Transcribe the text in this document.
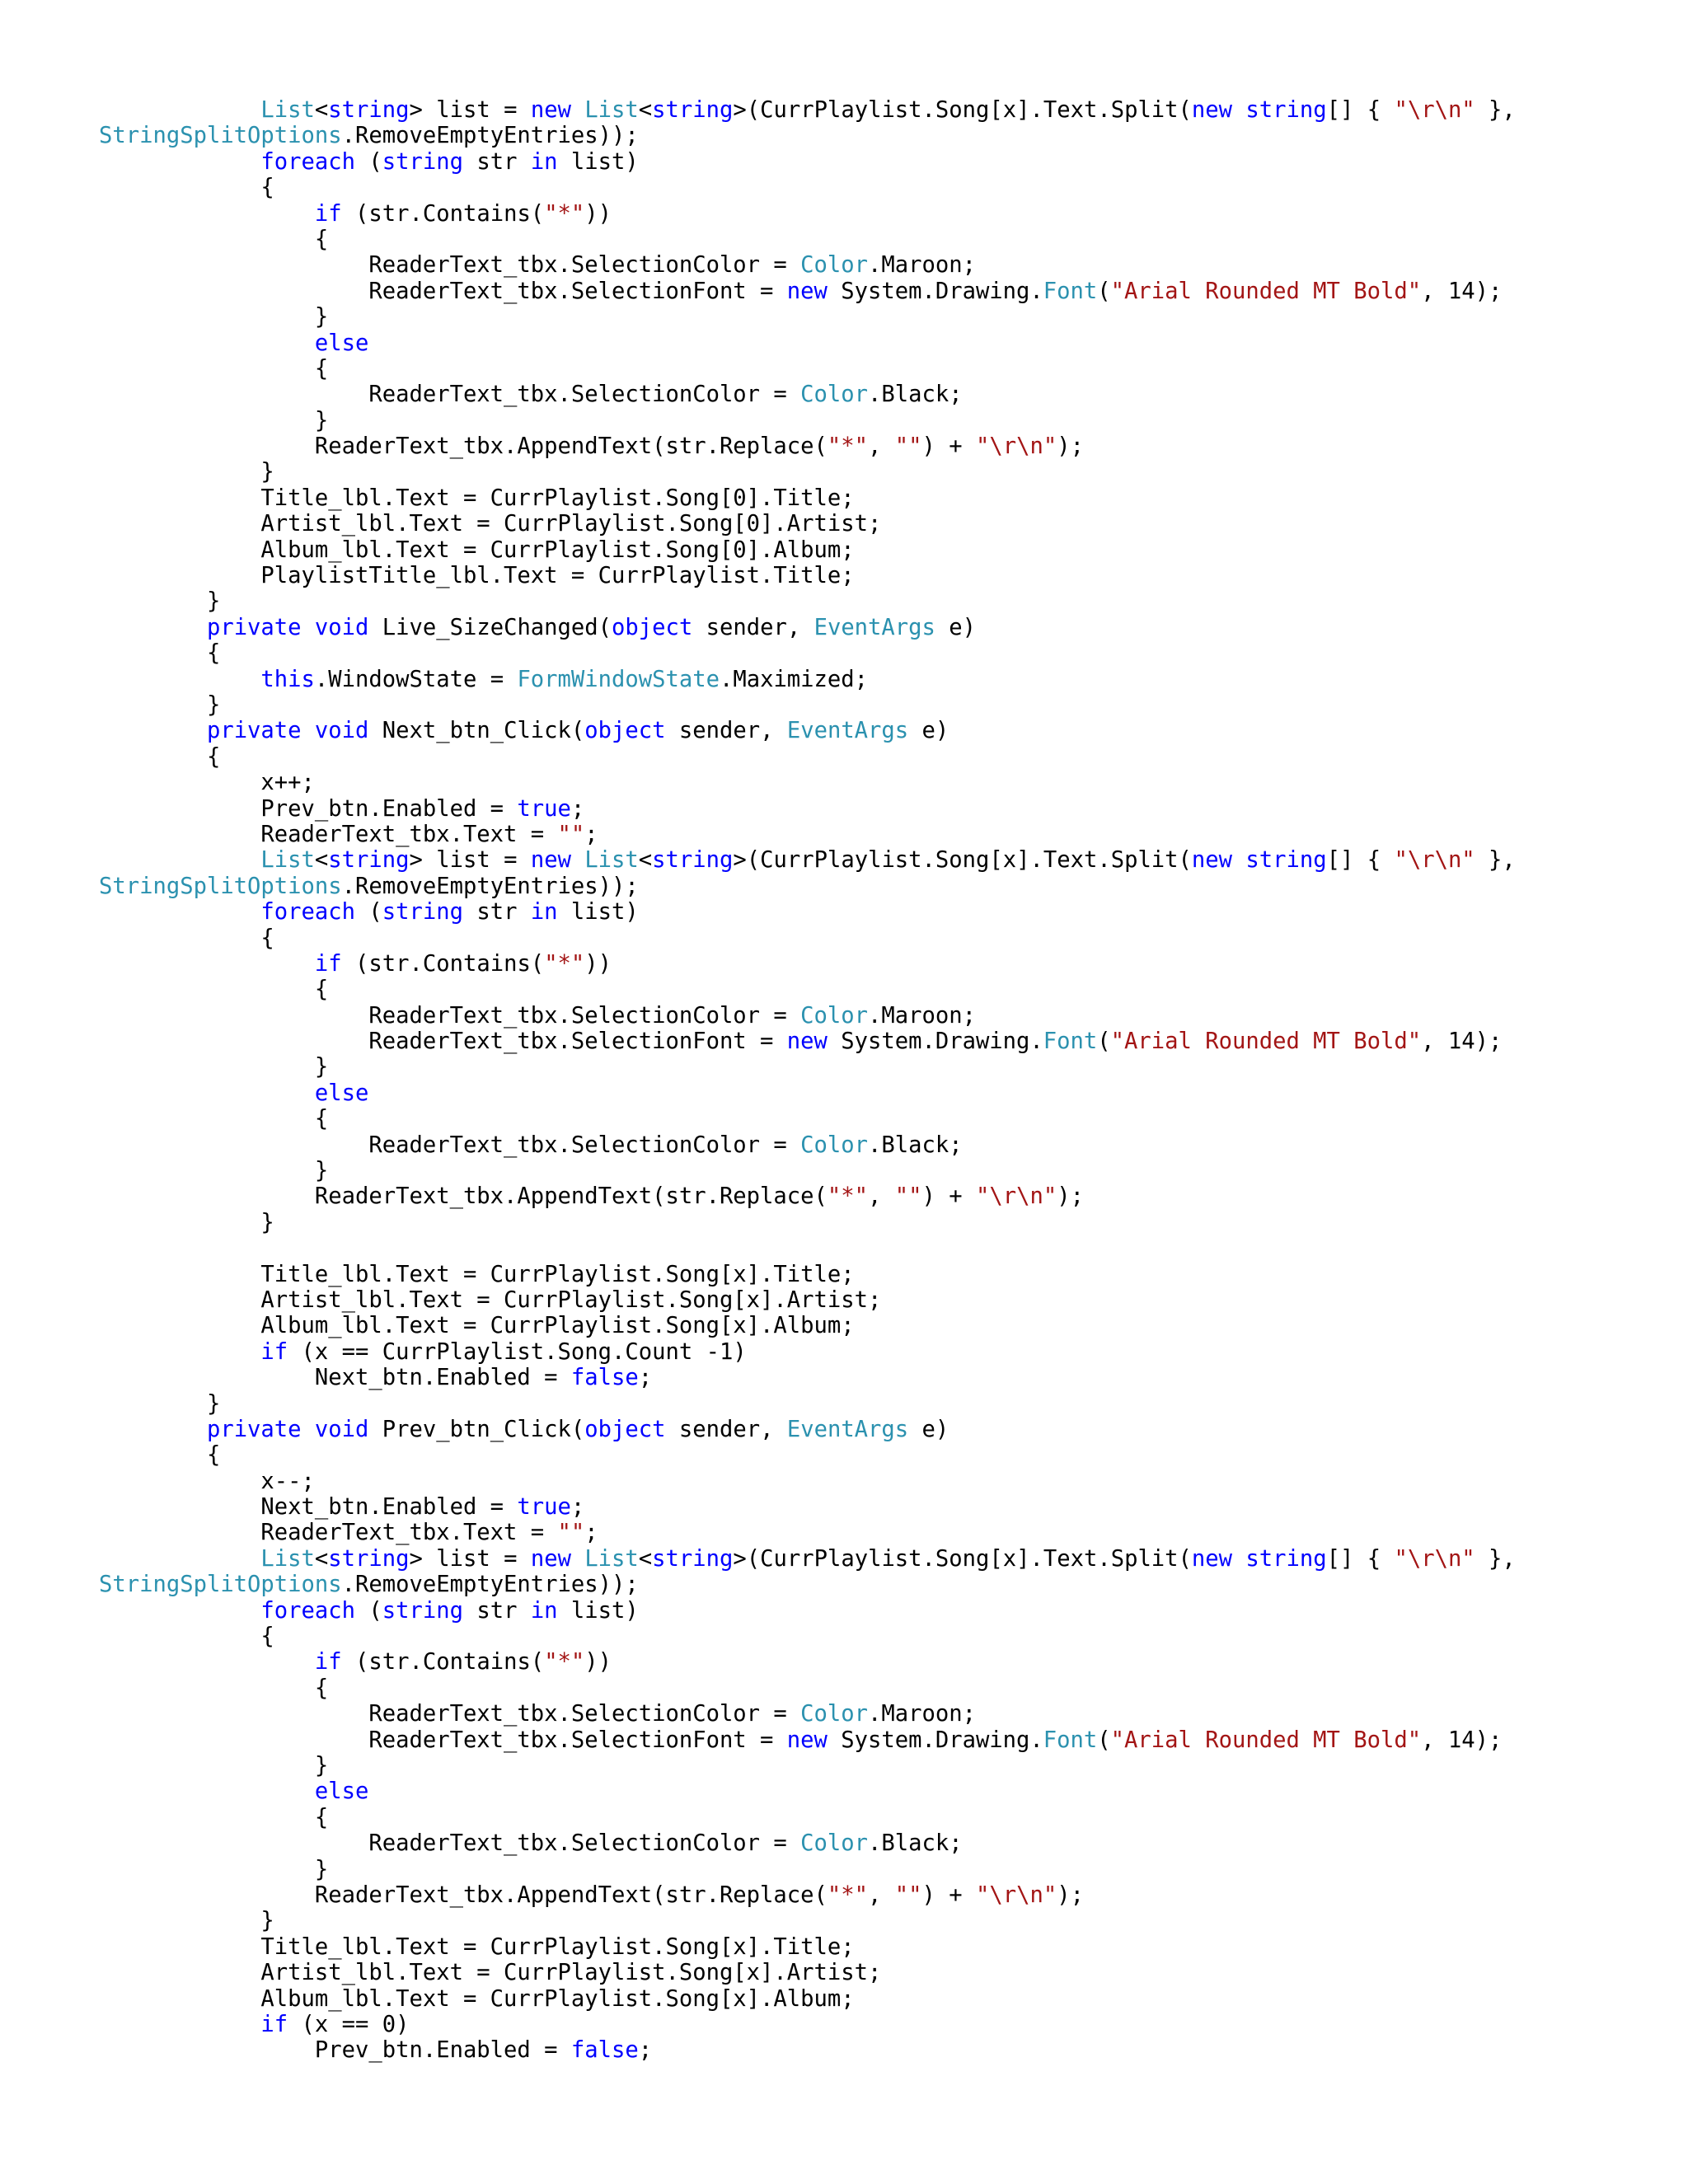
List<string> list = new List<string>(CurrPlaylist.Song[x].Text.Split(new string[] { "\r\n" },
StringSplitOptions.RemoveEmptyEntries));
foreach (string str in list)
{
if (str.Contains("*"))
{
ReaderText_tbx.SelectionColor = Color.Maroon;
ReaderText_tbx.SelectionFont = new System.Drawing.Font("Arial Rounded MT Bold", 14);
}
else
{
ReaderText_tbx.SelectionColor = Color.Black;
}
ReaderText_tbx.AppendText(str.Replace("*", "") + "\r\n");
}
Title_lbl.Text = CurrPlaylist.Song[0].Title;
Artist_lbl.Text = CurrPlaylist.Song[0].Artist;
Album_lbl.Text = CurrPlaylist.Song[0].Album;
PlaylistTitle_lbl.Text = CurrPlaylist.Title;
}
private void Live_SizeChanged(object sender, EventArgs e)
{
this.WindowState = FormWindowState.Maximized;
}
private void Next_btn_Click(object sender, EventArgs e)
{
x++;
Prev_btn.Enabled = true;
ReaderText_tbx.Text = "";
List<string> list = new List<string>(CurrPlaylist.Song[x].Text.Split(new string[] { "\r\n" },
StringSplitOptions.RemoveEmptyEntries));
foreach (string str in list)
{
if (str.Contains("*"))
{
ReaderText_tbx.SelectionColor = Color.Maroon;
ReaderText_tbx.SelectionFont = new System.Drawing.Font("Arial Rounded MT Bold", 14);
}
else
{
ReaderText_tbx.SelectionColor = Color.Black;
}
ReaderText_tbx.AppendText(str.Replace("*", "") + "\r\n");
}

Title_lbl.Text = CurrPlaylist.Song[x].Title;
Artist_lbl.Text = CurrPlaylist.Song[x].Artist;
Album_lbl.Text = CurrPlaylist.Song[x].Album;
if (x == CurrPlaylist.Song.Count -1)
Next_btn.Enabled = false;
}
private void Prev_btn_Click(object sender, EventArgs e)
{
x--;
Next_btn.Enabled = true;
ReaderText_tbx.Text = "";
List<string> list = new List<string>(CurrPlaylist.Song[x].Text.Split(new string[] { "\r\n" },
StringSplitOptions.RemoveEmptyEntries));
foreach (string str in list)
{
if (str.Contains("*"))
{
ReaderText_tbx.SelectionColor = Color.Maroon;
ReaderText_tbx.SelectionFont = new System.Drawing.Font("Arial Rounded MT Bold", 14);
}
else
{
ReaderText_tbx.SelectionColor = Color.Black;
}
ReaderText_tbx.AppendText(str.Replace("*", "") + "\r\n");
}
Title_lbl.Text = CurrPlaylist.Song[x].Title;
Artist_lbl.Text = CurrPlaylist.Song[x].Artist;
Album_lbl.Text = CurrPlaylist.Song[x].Album;
if (x == 0)
Prev_btn.Enabled = false;
